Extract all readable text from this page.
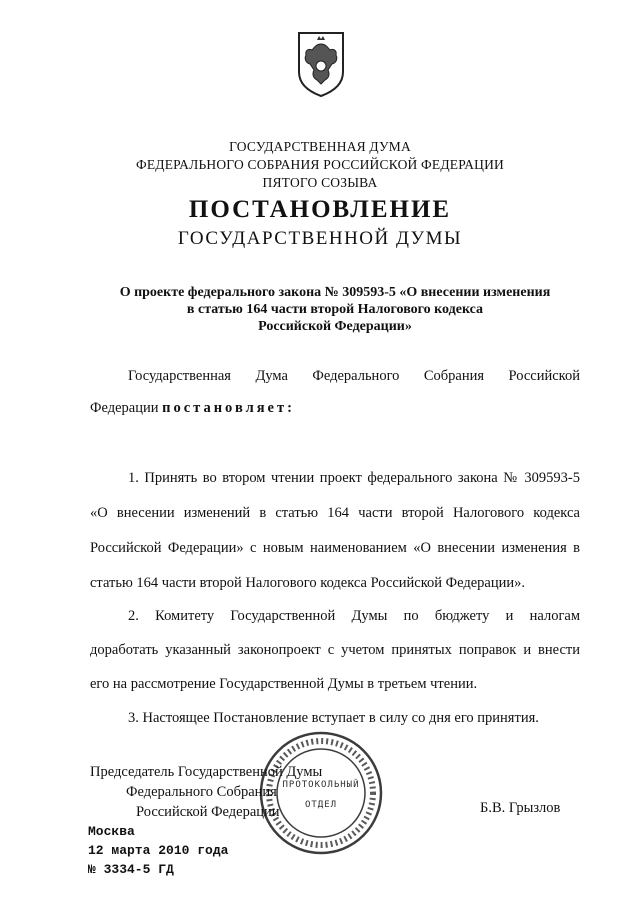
ГОСУДАРСТВЕННАЯ ДУМА
ФЕДЕРАЛЬНОГО СОБРАНИЯ РОССИЙСКОЙ ФЕДЕРАЦИИ
ПЯТОГО СОЗЫВА
ПОСТАНОВЛЕНИЕ
ГОСУДАРСТВЕННОЙ ДУМЫ
О проекте федерального закона № 309593-5 «О внесении изменения
в статью 164 части второй Налогового кодекса
Российской Федерации»
Государственная Дума Федерального Собрания Российской
Федерации постановляет:
1. Принять во втором чтении проект федерального закона № 309593-5
«О внесении изменений в статью 164 части второй Налогового кодекса
Российской Федерации» с новым наименованием «О внесении изменения в
статью 164 части второй Налогового кодекса Российской Федерации».
2. Комитету Государственной Думы по бюджету и налогам
доработать указанный законопроект с учетом принятых поправок и внести
его на рассмотрение Государственной Думы в третьем чтении.
3. Настоящее Постановление вступает в силу со дня его принятия.
ПРОТОКОЛЬНЫЙ
ОТДЕЛ
Председатель Государственной Думы
Федерального Собрания
Российской Федерации	Б.В. Грызлов
Москва
12 марта 2010 года
№ 3334-5 ГД
